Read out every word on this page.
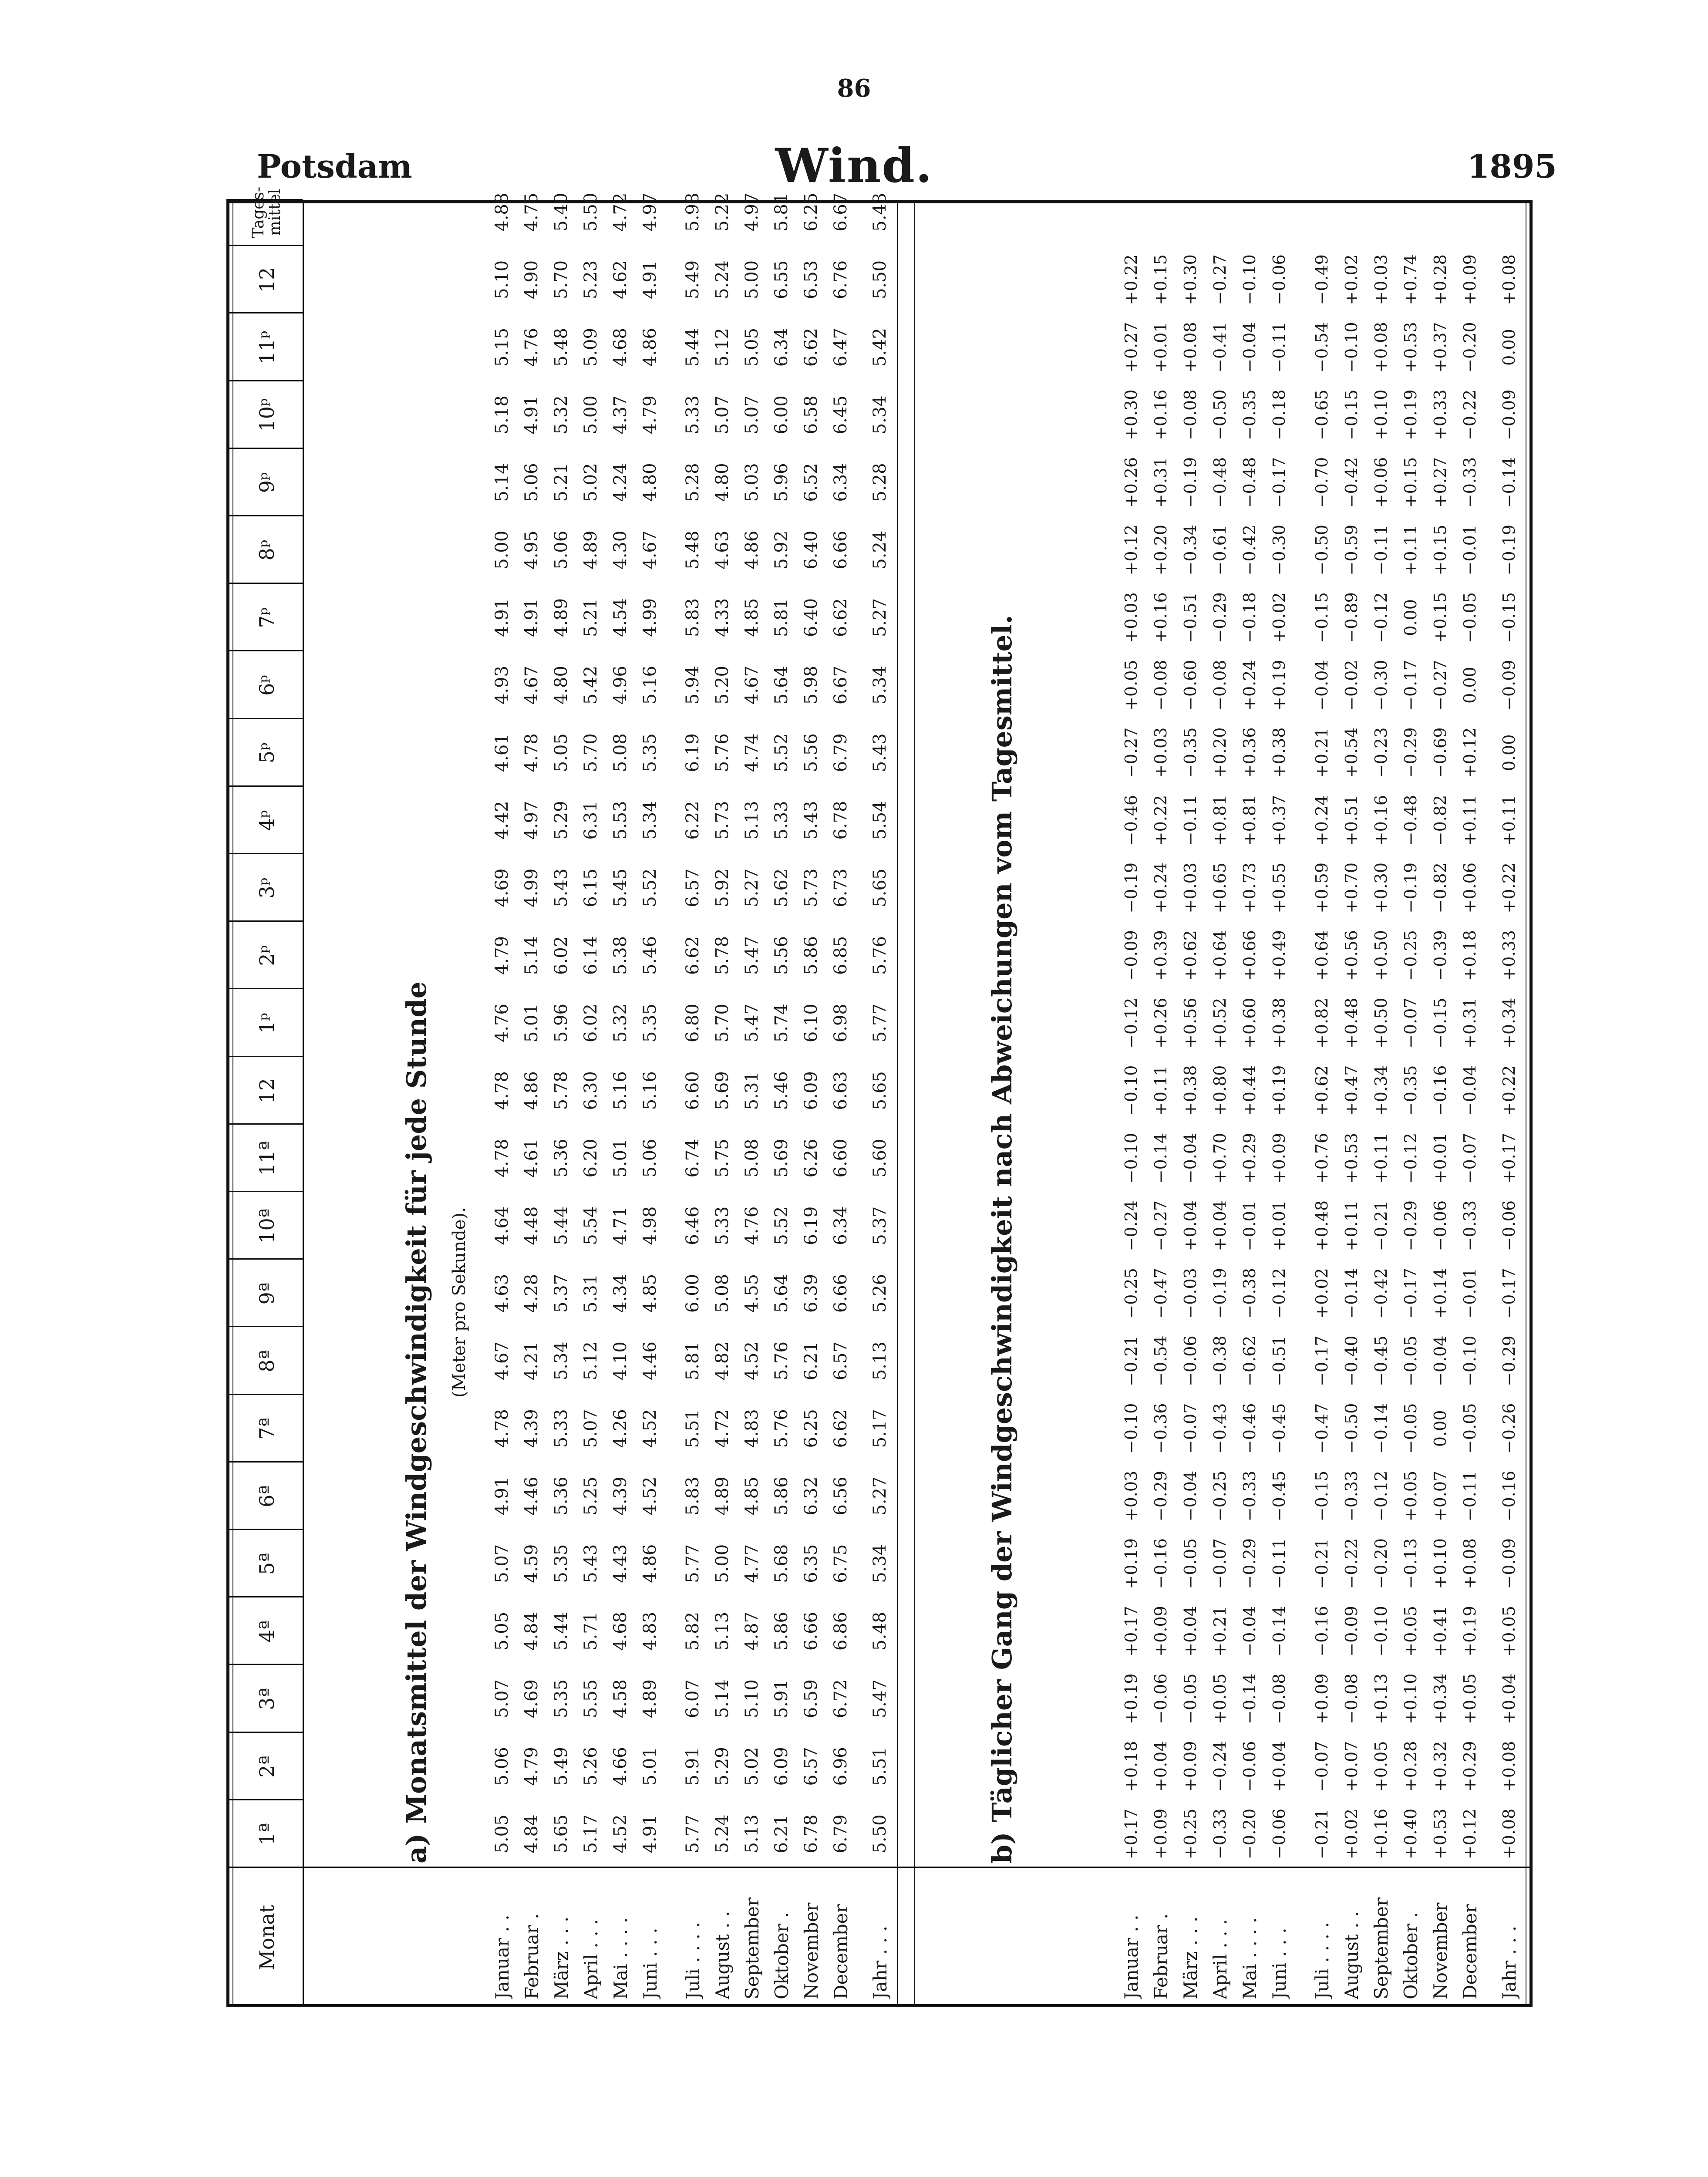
86
Potsdam	Wind.	1895
Monat
1ª
2ª
3ª
4ª
5ª
6ª
7ª
8ª
9ª
10ª
11ª
12
1ᵖ
2ᵖ
3ᵖ
4ᵖ
5ᵖ
6ᵖ
7ᵖ
8ᵖ
9ᵖ
10ᵖ
11ᵖ
12
Tages-mittel
a) Monatsmittel der Windgeschwindigkeit für jede Stunde (Meter pro Sekunde).
Januar . .
5.05
5.06
5.07
5.05
5.07
4.91
4.78
4.67
4.63
4.64
4.78
4.78
4.76
4.79
4.69
4.42
4.61
4.93
4.91
5.00
5.14
5.18
5.15
5.10
4.88
Februar .
4.84
4.79
4.69
4.84
4.59
4.46
4.39
4.21
4.28
4.48
4.61
4.86
5.01
5.14
4.99
4.97
4.78
4.67
4.91
4.95
5.06
4.91
4.76
4.90
4.75
März . . .
5.65
5.49
5.35
5.44
5.35
5.36
5.33
5.34
5.37
5.44
5.36
5.78
5.96
6.02
5.43
5.29
5.05
4.80
4.89
5.06
5.21
5.32
5.48
5.70
5.40
April . . .
5.17
5.26
5.55
5.71
5.43
5.25
5.07
5.12
5.31
5.54
6.20
6.30
6.02
6.14
6.15
6.31
5.70
5.42
5.21
4.89
5.02
5.00
5.09
5.23
5.50
Mai . . . .
4.52
4.66
4.58
4.68
4.43
4.39
4.26
4.10
4.34
4.71
5.01
5.16
5.32
5.38
5.45
5.53
5.08
4.96
4.54
4.30
4.24
4.37
4.68
4.62
4.72
Juni . . .
4.91
5.01
4.89
4.83
4.86
4.52
4.52
4.46
4.85
4.98
5.06
5.16
5.35
5.46
5.52
5.34
5.35
5.16
4.99
4.67
4.80
4.79
4.86
4.91
4.97
Juli . . . .
5.77
5.91
6.07
5.82
5.77
5.83
5.51
5.81
6.00
6.46
6.74
6.60
6.80
6.62
6.57
6.22
6.19
5.94
5.83
5.48
5.28
5.33
5.44
5.49
5.98
August . .
5.24
5.29
5.14
5.13
5.00
4.89
4.72
4.82
5.08
5.33
5.75
5.69
5.70
5.78
5.92
5.73
5.76
5.20
4.33
4.63
4.80
5.07
5.12
5.24
5.22
September
5.13
5.02
5.10
4.87
4.77
4.85
4.83
4.52
4.55
4.76
5.08
5.31
5.47
5.47
5.27
5.13
4.74
4.67
4.85
4.86
5.03
5.07
5.05
5.00
4.97
Oktober .
6.21
6.09
5.91
5.86
5.68
5.86
5.76
5.76
5.64
5.52
5.69
5.46
5.74
5.56
5.62
5.33
5.52
5.64
5.81
5.92
5.96
6.00
6.34
6.55
5.81
November
6.78
6.57
6.59
6.66
6.35
6.32
6.25
6.21
6.39
6.19
6.26
6.09
6.10
5.86
5.73
5.43
5.56
5.98
6.40
6.40
6.52
6.58
6.62
6.53
6.25
December
6.79
6.96
6.72
6.86
6.75
6.56
6.62
6.57
6.66
6.34
6.60
6.63
6.98
6.85
6.73
6.78
6.79
6.67
6.62
6.66
6.34
6.45
6.47
6.76
6.67
Jahr . . .
5.50
5.51
5.47
5.48
5.34
5.27
5.17
5.13
5.26
5.37
5.60
5.65
5.77
5.76
5.65
5.54
5.43
5.34
5.27
5.24
5.28
5.34
5.42
5.50
5.43
b) Täglicher Gang der Windgeschwindigkeit nach Abweichungen vom Tagesmittel.
Januar . .
+0.17
+0.18
+0.19
+0.17
+0.19
+0.03
−0.10
−0.21
−0.25
−0.24
−0.10
−0.10
−0.12
−0.09
−0.19
−0.46
−0.27
+0.05
+0.03
+0.12
+0.26
+0.30
+0.27
+0.22
Februar .
+0.09
+0.04
−0.06
+0.09
−0.16
−0.29
−0.36
−0.54
−0.47
−0.27
−0.14
+0.11
+0.26
+0.39
+0.24
+0.22
+0.03
−0.08
+0.16
+0.20
+0.31
+0.16
+0.01
+0.15
März . . .
+0.25
+0.09
−0.05
+0.04
−0.05
−0.04
−0.07
−0.06
−0.03
+0.04
−0.04
+0.38
+0.56
+0.62
+0.03
−0.11
−0.35
−0.60
−0.51
−0.34
−0.19
−0.08
+0.08
+0.30
April . . .
−0.33
−0.24
+0.05
+0.21
−0.07
−0.25
−0.43
−0.38
−0.19
+0.04
+0.70
+0.80
+0.52
+0.64
+0.65
+0.81
+0.20
−0.08
−0.29
−0.61
−0.48
−0.50
−0.41
−0.27
Mai . . . .
−0.20
−0.06
−0.14
−0.04
−0.29
−0.33
−0.46
−0.62
−0.38
−0.01
+0.29
+0.44
+0.60
+0.66
+0.73
+0.81
+0.36
+0.24
−0.18
−0.42
−0.48
−0.35
−0.04
−0.10
Juni . . .
−0.06
+0.04
−0.08
−0.14
−0.11
−0.45
−0.45
−0.51
−0.12
+0.01
+0.09
+0.19
+0.38
+0.49
+0.55
+0.37
+0.38
+0.19
+0.02
−0.30
−0.17
−0.18
−0.11
−0.06
Juli . . . .
−0.21
−0.07
+0.09
−0.16
−0.21
−0.15
−0.47
−0.17
+0.02
+0.48
+0.76
+0.62
+0.82
+0.64
+0.59
+0.24
+0.21
−0.04
−0.15
−0.50
−0.70
−0.65
−0.54
−0.49
August . .
+0.02
+0.07
−0.08
−0.09
−0.22
−0.33
−0.50
−0.40
−0.14
+0.11
+0.53
+0.47
+0.48
+0.56
+0.70
+0.51
+0.54
−0.02
−0.89
−0.59
−0.42
−0.15
−0.10
+0.02
September
+0.16
+0.05
+0.13
−0.10
−0.20
−0.12
−0.14
−0.45
−0.42
−0.21
+0.11
+0.34
+0.50
+0.50
+0.30
+0.16
−0.23
−0.30
−0.12
−0.11
+0.06
+0.10
+0.08
+0.03
Oktober .
+0.40
+0.28
+0.10
+0.05
−0.13
+0.05
−0.05
−0.05
−0.17
−0.29
−0.12
−0.35
−0.07
−0.25
−0.19
−0.48
−0.29
−0.17
0.00
+0.11
+0.15
+0.19
+0.53
+0.74
November
+0.53
+0.32
+0.34
+0.41
+0.10
+0.07
0.00
−0.04
+0.14
−0.06
+0.01
−0.16
−0.15
−0.39
−0.82
−0.82
−0.69
−0.27
+0.15
+0.15
+0.27
+0.33
+0.37
+0.28
December
+0.12
+0.29
+0.05
+0.19
+0.08
−0.11
−0.05
−0.10
−0.01
−0.33
−0.07
−0.04
+0.31
+0.18
+0.06
+0.11
+0.12
0.00
−0.05
−0.01
−0.33
−0.22
−0.20
+0.09
Jahr . . .
+0.08
+0.08
+0.04
+0.05
−0.09
−0.16
−0.26
−0.29
−0.17
−0.06
+0.17
+0.22
+0.34
+0.33
+0.22
+0.11
0.00
−0.09
−0.15
−0.19
−0.14
−0.09
0.00
+0.08
